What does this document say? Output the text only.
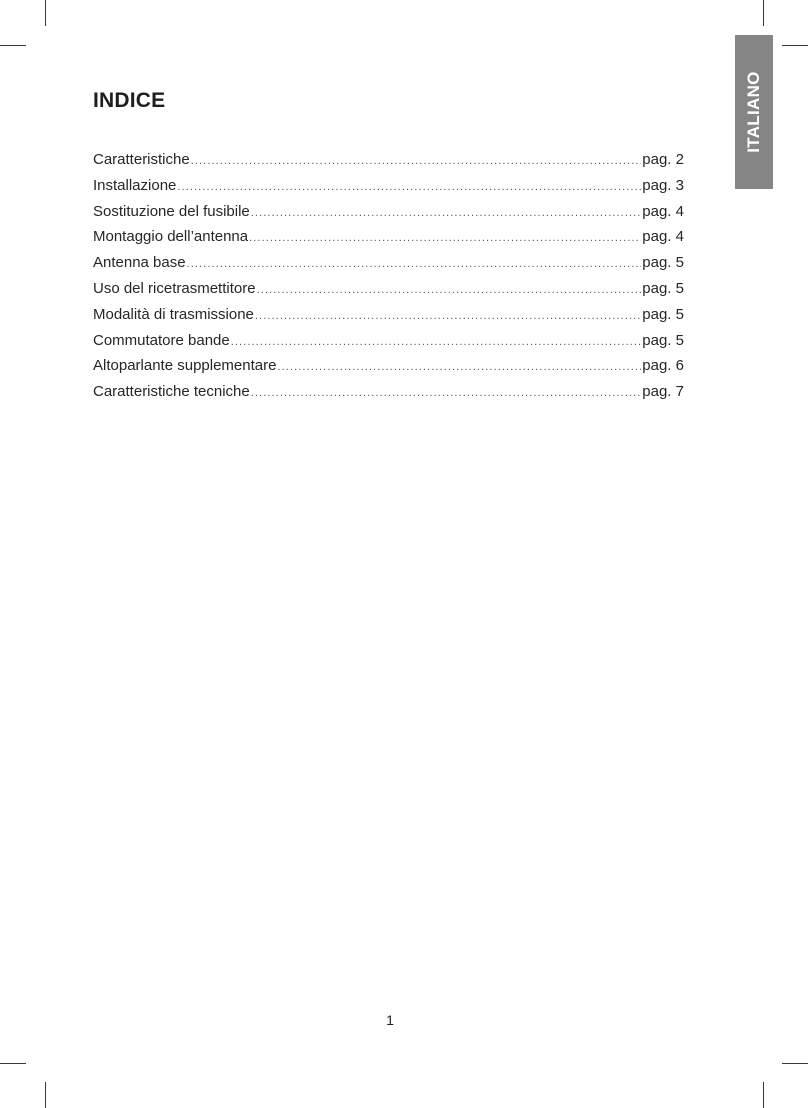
ITALIANO
INDICE
Caratteristiche .....	pag. 2
Installazione .....	pag. 3
Sostituzione del fusibile .....	pag. 4
Montaggio dell’antenna .....	pag. 4
Antenna base .....	pag. 5
Uso del ricetrasmettitore .....	pag. 5
Modalità di trasmissione .....	pag. 5
Commutatore bande .....	pag. 5
Altoparlante supplementare .....	pag. 6
Caratteristiche tecniche .....	pag. 7
1
